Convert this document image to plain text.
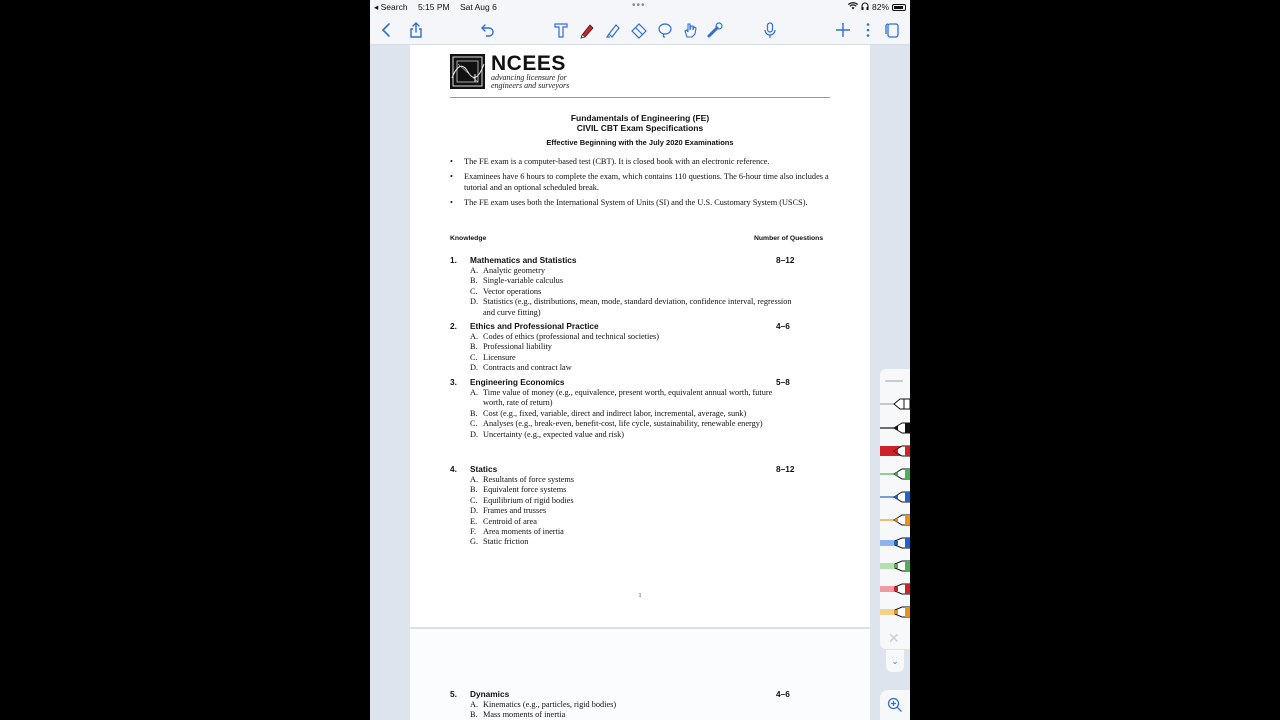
◂ Search 5:15 PM Sat Aug 6	•••	82%
NCEES
advancing licensure for
engineers and surveyors
Fundamentals of Engineering (FE)
CIVIL CBT Exam Specifications
Effective Beginning with the July 2020 Examinations
• The FE exam is a computer-based test (CBT). It is closed book with an electronic reference.
• Examinees have 6 hours to complete the exam, which contains 110 questions. The 6-hour time also includes a tutorial and an optional scheduled break.
• The FE exam uses both the International System of Units (SI) and the U.S. Customary System (USCS).
Knowledge	Number of Questions
1. Mathematics and Statistics	8–12
A. Analytic geometry
B. Single-variable calculus
C. Vector operations
D. Statistics (e.g., distributions, mean, mode, standard deviation, confidence interval, regression and curve fitting)
2. Ethics and Professional Practice	4–6
A. Codes of ethics (professional and technical societies)
B. Professional liability
C. Licensure
D. Contracts and contract law
3. Engineering Economics	5–8
A. Time value of money (e.g., equivalence, present worth, equivalent annual worth, future worth, rate of return)
B. Cost (e.g., fixed, variable, direct and indirect labor, incremental, average, sunk)
C. Analyses (e.g., break-even, benefit-cost, life cycle, sustainability, renewable energy)
D. Uncertainty (e.g., expected value and risk)
4. Statics	8–12
A. Resultants of force systems
B. Equivalent force systems
C. Equilibrium of rigid bodies
D. Frames and trusses
E. Centroid of area
F. Area moments of inertia
G. Static friction
1
5. Dynamics	4–6
A. Kinematics (e.g., particles, rigid bodies)
B. Mass moments of inertia
✕
⌄
